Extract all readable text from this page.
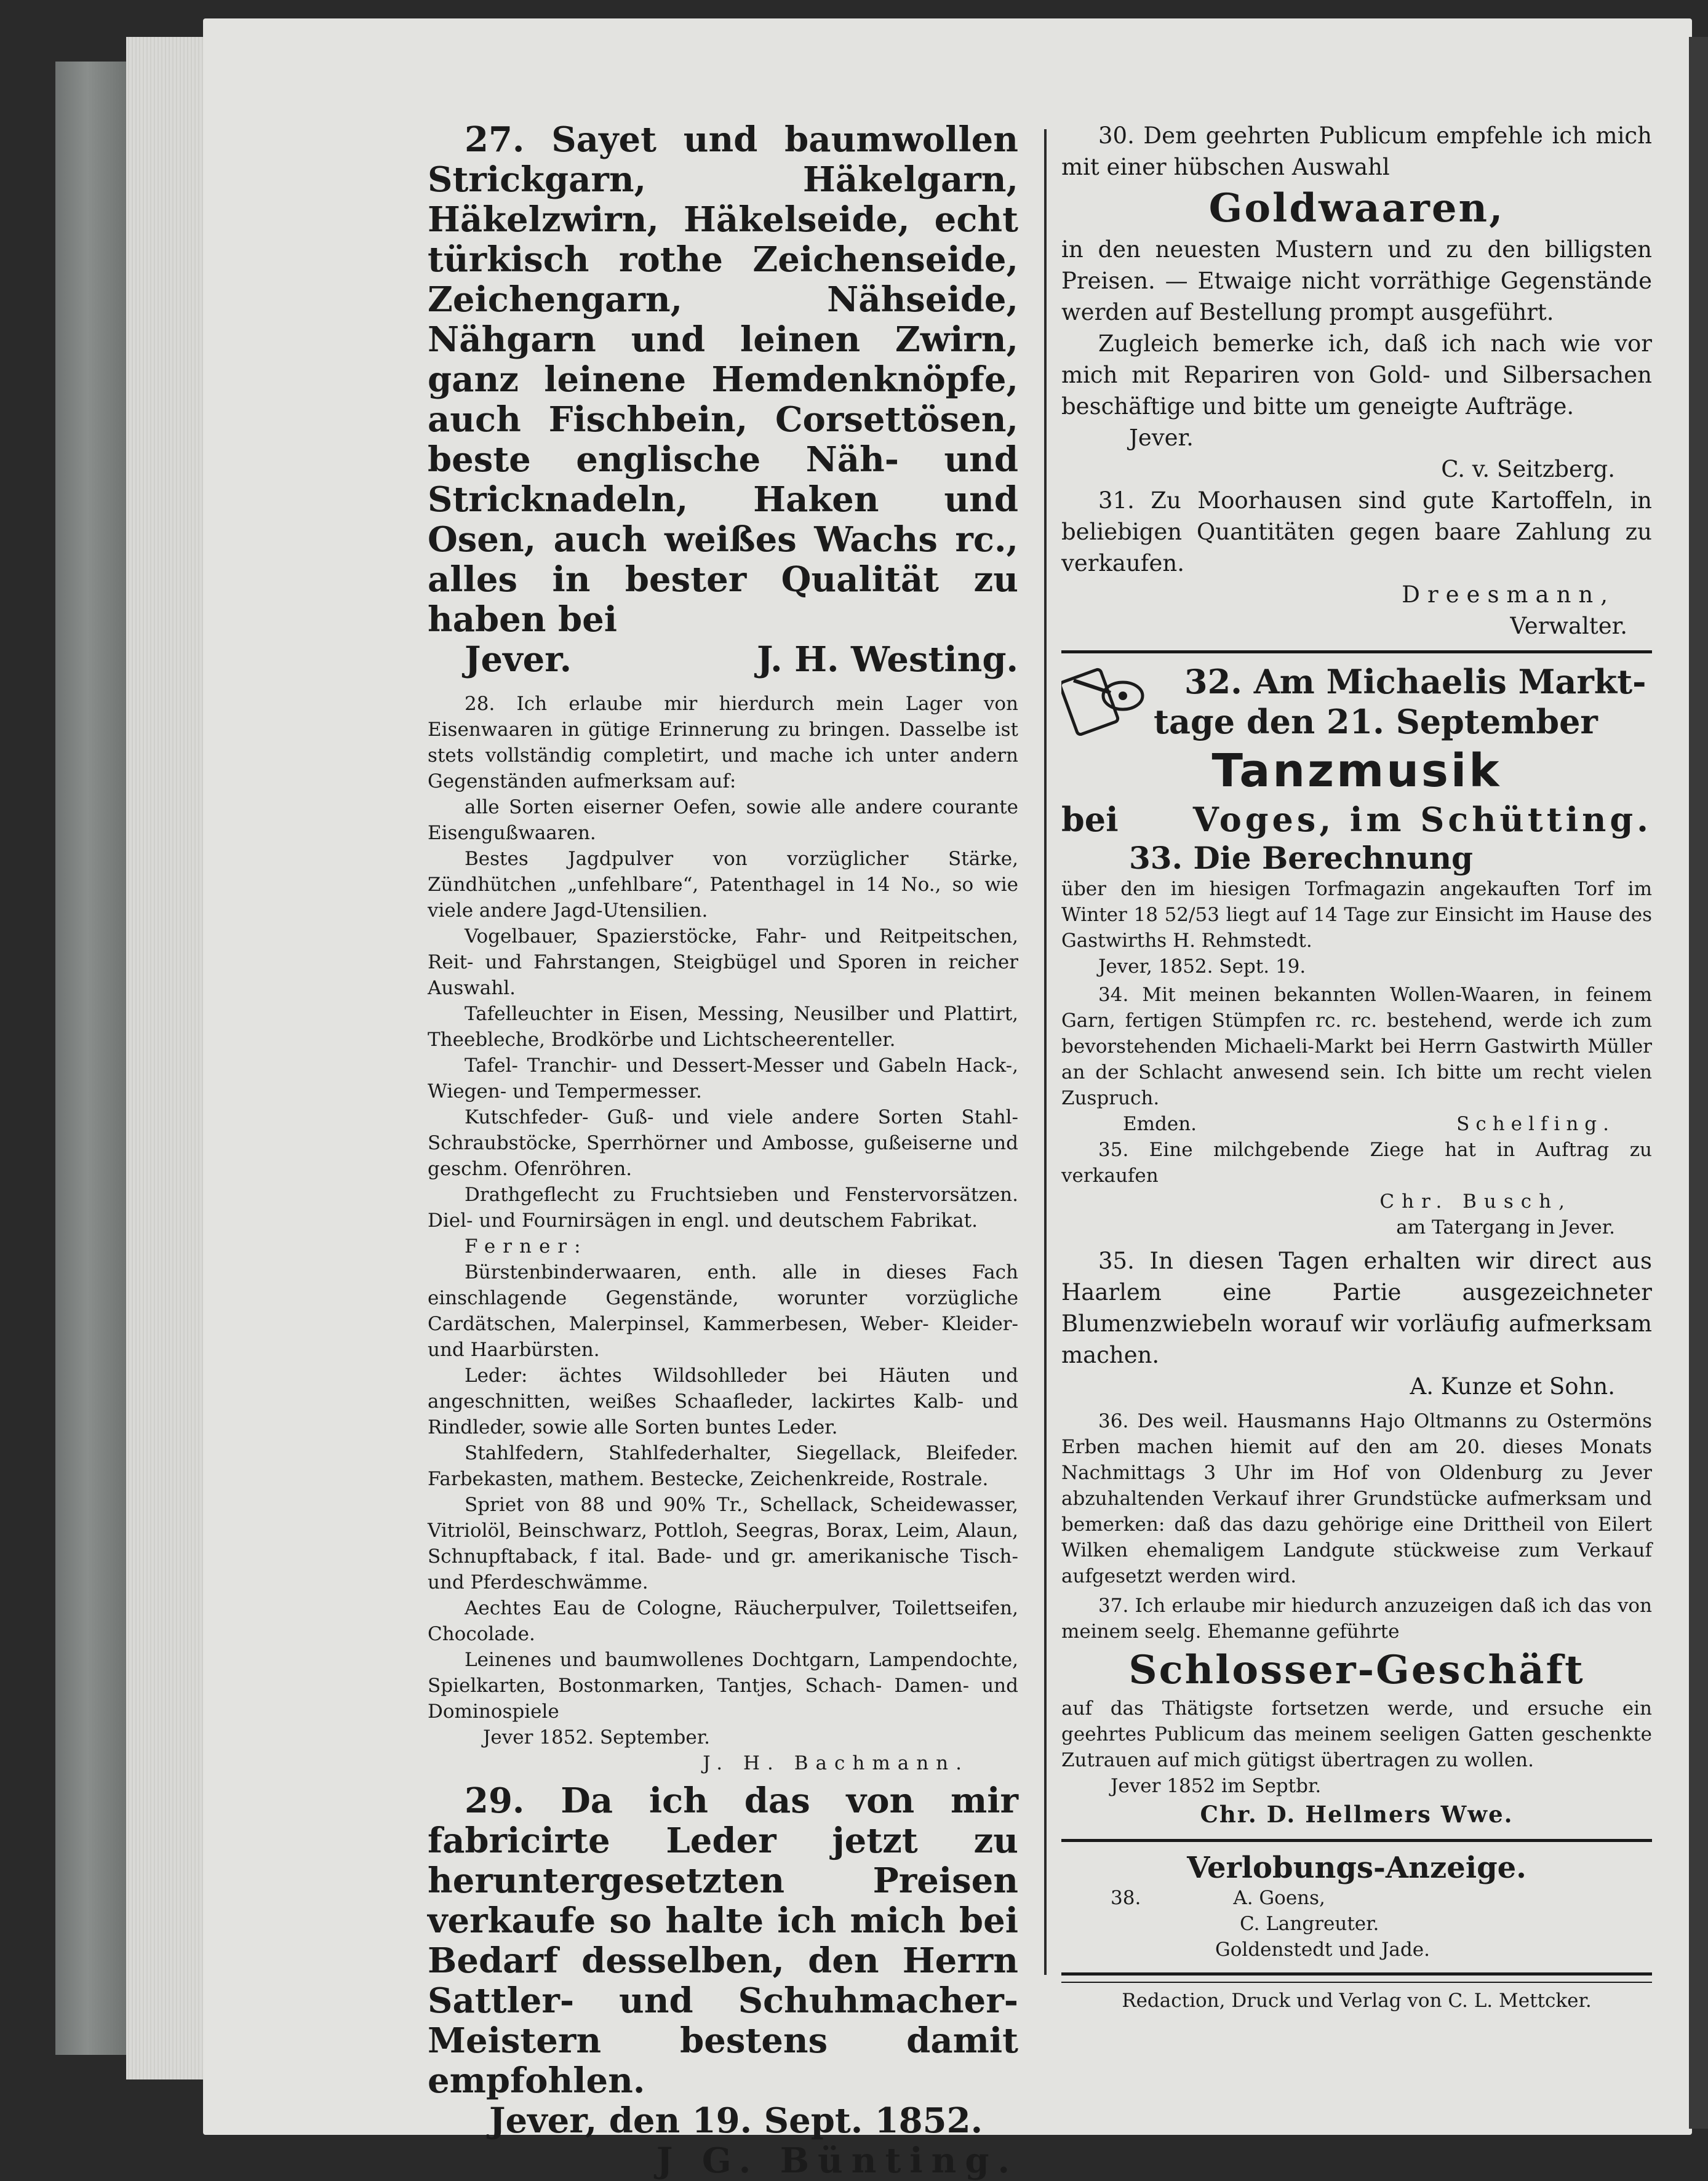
27. Sayet und baumwollen Strickgarn, Häkelgarn, Häkelzwirn, Häkelseide, echt türkisch rothe Zeichenseide, Zeichengarn, Nähseide, Nähgarn und leinen Zwirn, ganz leinene Hemdenknöpfe, auch Fischbein, Corsettösen, beste englische Näh- und Stricknadeln, Haken und Osen, auch weißes Wachs rc., alles in bester Qualität zu haben bei

Jever.	J. H. Westing.

28. Ich erlaube mir hierdurch mein Lager von Eisenwaaren in gütige Erinnerung zu bringen. Dasselbe ist stets vollständig completirt, und mache ich unter andern Gegenständen aufmerksam auf:

alle Sorten eiserner Oefen, sowie alle andere courante Eisengußwaaren.

Bestes Jagdpulver von vorzüglicher Stärke, Zündhütchen „unfehlbare“, Patenthagel in 14 No., so wie viele andere Jagd-Utensilien.

Vogelbauer, Spazierstöcke, Fahr- und Reitpeitschen, Reit- und Fahrstangen, Steigbügel und Sporen in reicher Auswahl.

Tafelleuchter in Eisen, Messing, Neusilber und Plattirt, Theebleche, Brodkörbe und Lichtscheerenteller.

Tafel- Tranchir- und Dessert-Messer und Gabeln Hack-, Wiegen- und Tempermesser.

Kutschfeder- Guß- und viele andere Sorten Stahl-Schraubstöcke, Sperrhörner und Ambosse, gußeiserne und geschm. Ofenröhren.

Drathgeflecht zu Fruchtsieben und Fenstervorsätzen. Diel- und Fournirsägen in engl. und deutschem Fabrikat.

Ferner:

Bürstenbinderwaaren, enth. alle in dieses Fach einschlagende Gegenstände, worunter vorzügliche Cardätschen, Malerpinsel, Kammerbesen, Weber- Kleider- und Haarbürsten.

Leder: ächtes Wildsohlleder bei Häuten und angeschnitten, weißes Schaafleder, lackirtes Kalb- und Rindleder, sowie alle Sorten buntes Leder.

Stahlfedern, Stahlfederhalter, Siegellack, Bleifeder. Farbekasten, mathem. Bestecke, Zeichenkreide, Rostrale.

Spriet von 88 und 90% Tr., Schellack, Scheidewasser, Vitriolöl, Beinschwarz, Pottloh, Seegras, Borax, Leim, Alaun, Schnupftaback, f ital. Bade- und gr. amerikanische Tisch- und Pferdeschwämme.

Aechtes Eau de Cologne, Räucherpulver, Toilettseifen, Chocolade.

Leinenes und baumwollenes Dochtgarn, Lampendochte, Spielkarten, Bostonmarken, Tantjes, Schach- Damen- und Dominospiele

Jever 1852. September.

J. H. Bachmann.

29. Da ich das von mir fabricirte Leder jetzt zu heruntergesetzten Preisen verkaufe so halte ich mich bei Bedarf desselben, den Herrn Sattler- und Schuhmacher-Meistern bestens damit empfohlen.

Jever, den 19. Sept. 1852.

J G. Bünting.

30. Dem geehrten Publicum empfehle ich mich mit einer hübschen Auswahl

Goldwaaren,

in den neuesten Mustern und zu den billigsten Preisen. — Etwaige nicht vorräthige Gegenstände werden auf Bestellung prompt ausgeführt.

Zugleich bemerke ich, daß ich nach wie vor mich mit Repariren von Gold- und Silbersachen beschäftige und bitte um geneigte Aufträge.

Jever.

C. v. Seitzberg.

31. Zu Moorhausen sind gute Kartoffeln, in beliebigen Quantitäten gegen baare Zahlung zu verkaufen.

Dreesmann,

Verwalter.

32. Am Michaelis Markt-

tage den 21. September

Tanzmusik

bei Voges, im Schütting.

33. Die Berechnung

über den im hiesigen Torfmagazin angekauften Torf im Winter 18 52/53 liegt auf 14 Tage zur Einsicht im Hause des Gastwirths H. Rehmstedt.

Jever, 1852. Sept. 19.

34. Mit meinen bekannten Wollen-Waaren, in feinem Garn, fertigen Stümpfen rc. rc. bestehend, werde ich zum bevorstehenden Michaeli-Markt bei Herrn Gastwirth Müller an der Schlacht anwesend sein. Ich bitte um recht vielen Zuspruch.

Emden.	Schelfing.

35. Eine milchgebende Ziege hat in Auftrag zu verkaufen

Chr. Busch,

am Tatergang in Jever.

35. In diesen Tagen erhalten wir direct aus Haarlem eine Partie ausgezeichneter Blumenzwiebeln worauf wir vorläufig aufmerksam machen.

A. Kunze et Sohn.

36. Des weil. Hausmanns Hajo Oltmanns zu Ostermöns Erben machen hiemit auf den am 20. dieses Monats Nachmittags 3 Uhr im Hof von Oldenburg zu Jever abzuhaltenden Verkauf ihrer Grundstücke aufmerksam und bemerken: daß das dazu gehörige eine Drittheil von Eilert Wilken ehemaligem Landgute stückweise zum Verkauf aufgesetzt werden wird.

37. Ich erlaube mir hiedurch anzuzeigen daß ich das von meinem seelg. Ehemanne geführte

Schlosser-Geschäft

auf das Thätigste fortsetzen werde, und ersuche ein geehrtes Publicum das meinem seeligen Gatten geschenkte Zutrauen auf mich gütigst übertragen zu wollen.

Jever 1852 im Septbr.

Chr. D. Hellmers Wwe.

Verlobungs-Anzeige.

38.	A. Goens,

C. Langreuter.

Goldenstedt und Jade.

Redaction, Druck und Verlag von C. L. Mettcker.
